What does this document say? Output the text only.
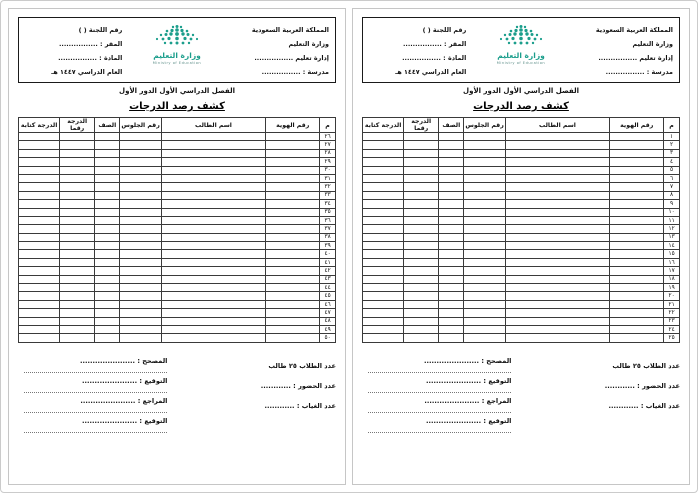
المملكة العربية السعودية
وزارة التعليم
إدارة تعليم ................
مدرسة : ................
وزارة التعليم
Ministry of Education
رقم اللجنة ( )
المقر : ................
المادة : ................
العام الدراسي ١٤٤٧ هـ
الفصل الدراسي الأول الدور الأول
كشف رصد الدرجات
م	رقم الهوية	اسم الطالب	رقم الجلوس	الصف	الدرجة رقما	الدرجة كتابة
١						
٢						
٣						
٤						
٥						
٦						
٧						
٨						
٩						
١٠						
١١						
١٢						
١٣						
١٤						
١٥						
١٦						
١٧						
١٨						
١٩						
٢٠						
٢١						
٢٢						
٢٣						
٢٤						
٢٥						
عدد الطلاب ٢٥ طالب
عدد الحضور : ............
عدد الغياب : ............
المصحح : ......................
التوقيع : ......................
المراجع : ......................
التوقيع : ......................
المملكة العربية السعودية
وزارة التعليم
إدارة تعليم ................
مدرسة : ................
وزارة التعليم
Ministry of Education
رقم اللجنة ( )
المقر : ................
المادة : ................
العام الدراسي ١٤٤٧ هـ
الفصل الدراسي الأول الدور الأول
كشف رصد الدرجات
م	رقم الهوية	اسم الطالب	رقم الجلوس	الصف	الدرجة رقما	الدرجة كتابة
٢٦						
٢٧						
٢٨						
٢٩						
٣٠						
٣١						
٣٢						
٣٣						
٣٤						
٣٥						
٣٦						
٣٧						
٣٨						
٣٩						
٤٠						
٤١						
٤٢						
٤٣						
٤٤						
٤٥						
٤٦						
٤٧						
٤٨						
٤٩						
٥٠						
عدد الطلاب ٢٥ طالب
عدد الحضور : ............
عدد الغياب : ............
المصحح : ......................
التوقيع : ......................
المراجع : ......................
التوقيع : ......................
